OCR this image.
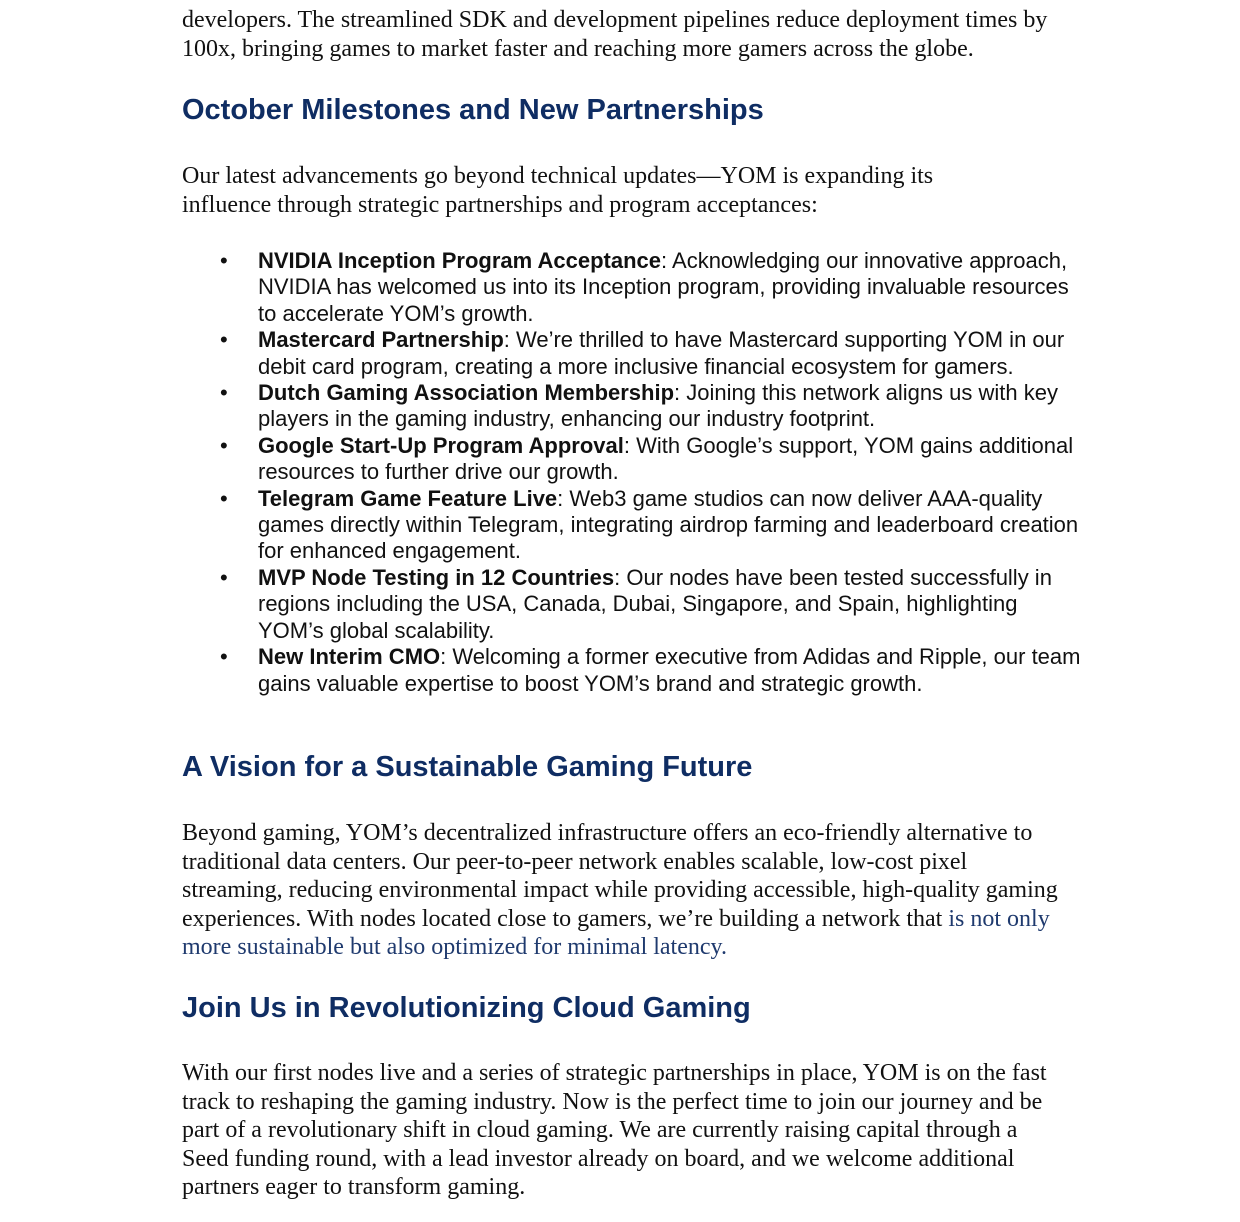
developers. The streamlined SDK and development pipelines reduce deployment times by 100x, bringing games to market faster and reaching more gamers across the globe.

October Milestones and New Partnerships

Our latest advancements go beyond technical updates—YOM is expanding its influence through strategic partnerships and program acceptances:

• NVIDIA Inception Program Acceptance: Acknowledging our innovative approach, NVIDIA has welcomed us into its Inception program, providing invaluable resources to accelerate YOM’s growth.
• Mastercard Partnership: We’re thrilled to have Mastercard supporting YOM in our debit card program, creating a more inclusive financial ecosystem for gamers.
• Dutch Gaming Association Membership: Joining this network aligns us with key players in the gaming industry, enhancing our industry footprint.
• Google Start-Up Program Approval: With Google’s support, YOM gains additional resources to further drive our growth.
• Telegram Game Feature Live: Web3 game studios can now deliver AAA-quality games directly within Telegram, integrating airdrop farming and leaderboard creation for enhanced engagement.
• MVP Node Testing in 12 Countries: Our nodes have been tested successfully in regions including the USA, Canada, Dubai, Singapore, and Spain, highlighting YOM’s global scalability.
• New Interim CMO: Welcoming a former executive from Adidas and Ripple, our team gains valuable expertise to boost YOM’s brand and strategic growth.
A Vision for a Sustainable Gaming Future

Beyond gaming, YOM’s decentralized infrastructure offers an eco-friendly alternative to traditional data centers. Our peer-to-peer network enables scalable, low-cost pixel streaming, reducing environmental impact while providing accessible, high-quality gaming experiences. With nodes located close to gamers, we’re building a network that is not only more sustainable but also optimized for minimal latency.

Join Us in Revolutionizing Cloud Gaming

With our first nodes live and a series of strategic partnerships in place, YOM is on the fast track to reshaping the gaming industry. Now is the perfect time to join our journey and be part of a revolutionary shift in cloud gaming. We are currently raising capital through a Seed funding round, with a lead investor already on board, and we welcome additional partners eager to transform gaming.
